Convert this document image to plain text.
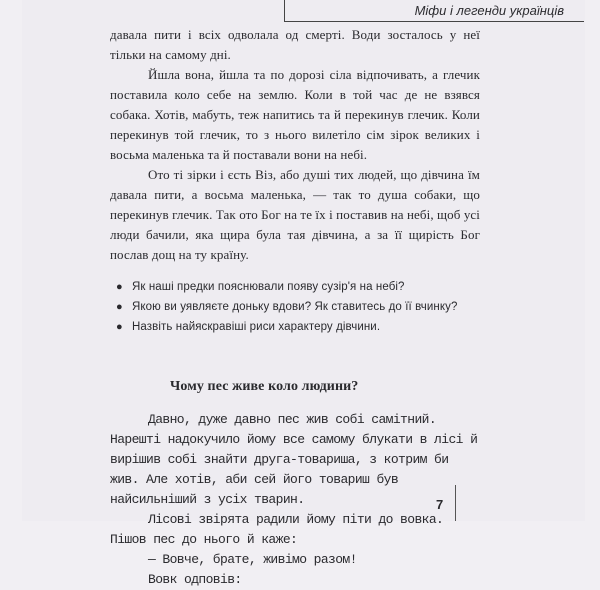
Міфи і легенди українців

давала пити і всіх одволала од смерті. Води зосталось у неї тільки на самому дні.

Йшла вона, йшла та по дорозі сіла відпочивать, а глечик поставила коло себе на землю. Коли в той час де не взявся собака. Хотів, мабуть, теж напитись та й перекинув глечик. Коли перекинув той глечик, то з нього вилетіло сім зірок великих і восьма маленька та й поставали вони на небі.

Ото ті зірки і єсть Віз, або душі тих людей, що дівчина їм давала пити, а восьма маленька, — так то душа собаки, що перекинув глечик. Так ото Бог на те їх і поставив на небі, щоб усі люди бачили, яка щира була тая дівчина, а за її щирість Бог послав дощ на ту країну.

● Як наші предки пояснювали появу сузір'я на небі?
● Якою ви уявляєте доньку вдови? Як ставитесь до її вчинку?
● Назвіть найяскравіші риси характеру дівчини.
Чому пес живе коло людини?

Давно, дуже давно пес жив собі самітний. Нарешті надокучило йому все самому блукати в лісі й вирішив собі знайти друга-товариша, з котрим би жив. Але хотів, аби сей його товариш був найсильніший з усіх тварин.

Лісові звірята радили йому піти до вовка. Пішов пес до нього й каже:

— Вовче, брате, живімо разом!

Вовк одповів:

7
